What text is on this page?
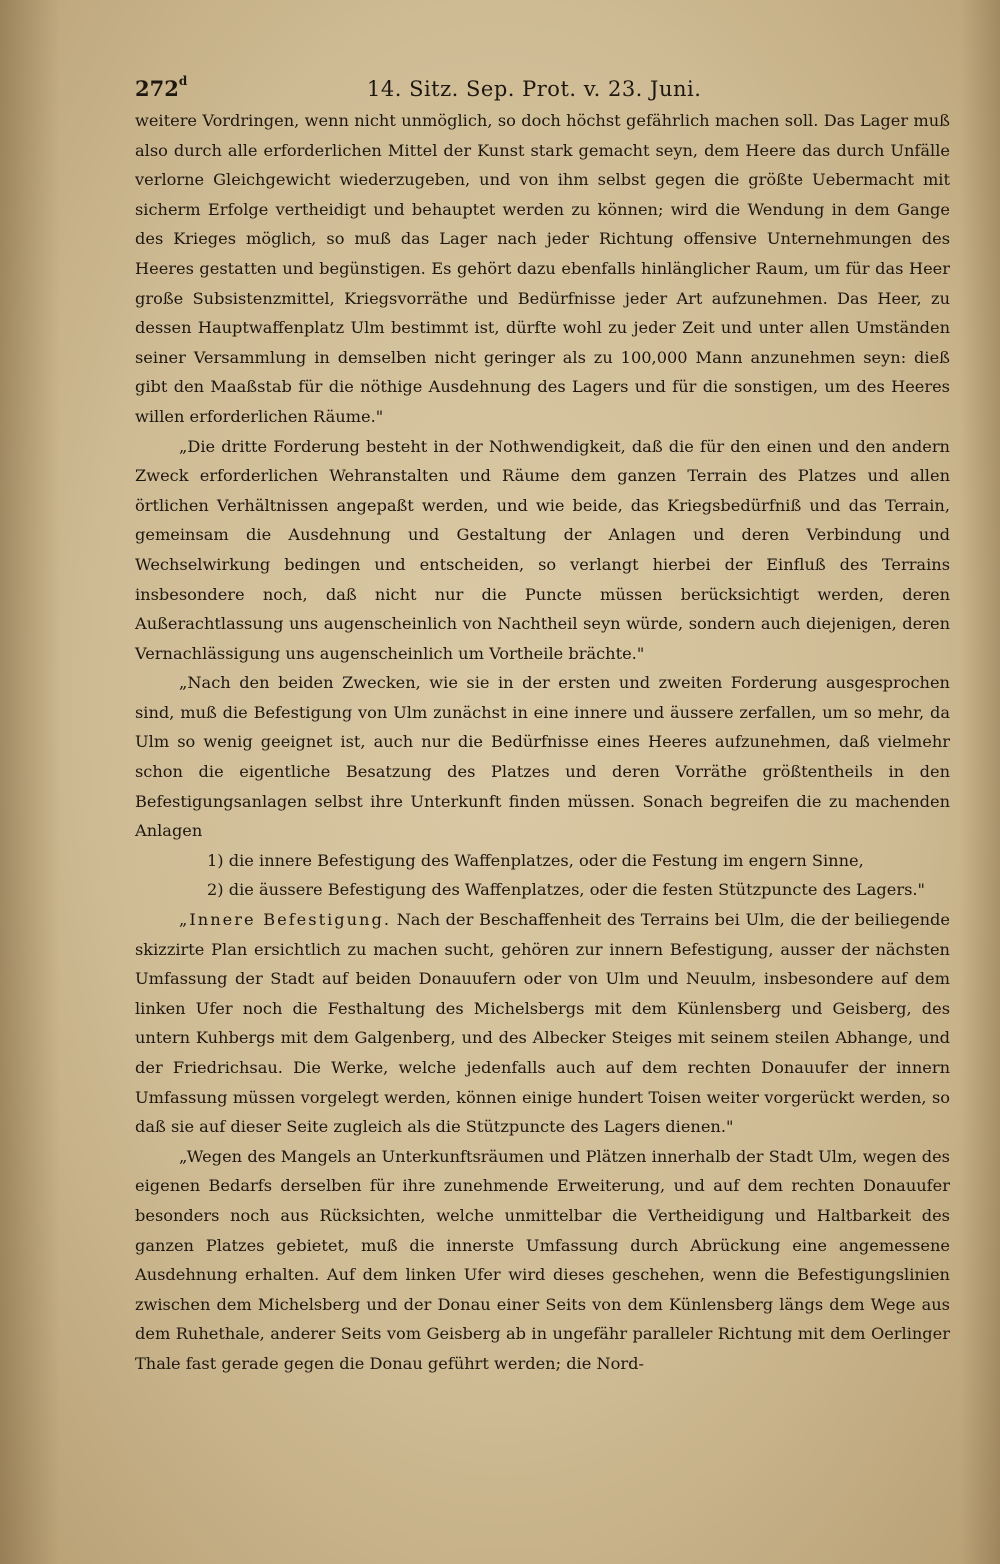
272$^d$	14. Sitz. Sep. Prot. v. 23. Juni.

weitere Vordringen, wenn nicht unmöglich, so doch höchst gefährlich machen soll. Das Lager muß also durch alle erforderlichen Mittel der Kunst stark gemacht seyn, dem Heere das durch Unfälle verlorne Gleichgewicht wiederzugeben, und von ihm selbst gegen die größte Uebermacht mit sicherm Erfolge vertheidigt und behauptet werden zu können; wird die Wendung in dem Gange des Krieges möglich, so muß das Lager nach jeder Richtung offensive Unternehmungen des Heeres gestatten und begünstigen. Es gehört dazu ebenfalls hinlänglicher Raum, um für das Heer große Subsistenzmittel, Kriegsvorräthe und Bedürfnisse jeder Art aufzunehmen. Das Heer, zu dessen Hauptwaffenplatz Ulm bestimmt ist, dürfte wohl zu jeder Zeit und unter allen Umständen seiner Versammlung in demselben nicht geringer als zu 100,000 Mann anzunehmen seyn: dieß gibt den Maaßstab für die nöthige Ausdehnung des Lagers und für die sonstigen, um des Heeres willen erforderlichen Räume."

„Die dritte Forderung besteht in der Nothwendigkeit, daß die für den einen und den andern Zweck erforderlichen Wehranstalten und Räume dem ganzen Terrain des Platzes und allen örtlichen Verhältnissen angepaßt werden, und wie beide, das Kriegsbedürfniß und das Terrain, gemeinsam die Ausdehnung und Gestaltung der Anlagen und deren Verbindung und Wechselwirkung bedingen und entscheiden, so verlangt hierbei der Einfluß des Terrains insbesondere noch, daß nicht nur die Puncte müssen berücksichtigt werden, deren Außerachtlassung uns augenscheinlich von Nachtheil seyn würde, sondern auch diejenigen, deren Vernachlässigung uns augenscheinlich um Vortheile brächte."

„Nach den beiden Zwecken, wie sie in der ersten und zweiten Forderung ausgesprochen sind, muß die Befestigung von Ulm zunächst in eine innere und äussere zerfallen, um so mehr, da Ulm so wenig geeignet ist, auch nur die Bedürfnisse eines Heeres aufzunehmen, daß vielmehr schon die eigentliche Besatzung des Platzes und deren Vorräthe größtentheils in den Befestigungsanlagen selbst ihre Unterkunft finden müssen. Sonach begreifen die zu machenden Anlagen

1) die innere Befestigung des Waffenplatzes, oder die Festung im engern Sinne,

2) die äussere Befestigung des Waffenplatzes, oder die festen Stützpuncte des Lagers."

„Innere Befestigung. Nach der Beschaffenheit des Terrains bei Ulm, die der beiliegende skizzirte Plan ersichtlich zu machen sucht, gehören zur innern Befestigung, ausser der nächsten Umfassung der Stadt auf beiden Donauufern oder von Ulm und Neuulm, insbesondere auf dem linken Ufer noch die Festhaltung des Michelsbergs mit dem Künlensberg und Geisberg, des untern Kuhbergs mit dem Galgenberg, und des Albecker Steiges mit seinem steilen Abhange, und der Friedrichsau. Die Werke, welche jedenfalls auch auf dem rechten Donauufer der innern Umfassung müssen vorgelegt werden, können einige hundert Toisen weiter vorgerückt werden, so daß sie auf dieser Seite zugleich als die Stützpuncte des Lagers dienen."

„Wegen des Mangels an Unterkunftsräumen und Plätzen innerhalb der Stadt Ulm, wegen des eigenen Bedarfs derselben für ihre zunehmende Erweiterung, und auf dem rechten Donauufer besonders noch aus Rücksichten, welche unmittelbar die Vertheidigung und Haltbarkeit des ganzen Platzes gebietet, muß die innerste Umfassung durch Abrückung eine angemessene Ausdehnung erhalten. Auf dem linken Ufer wird dieses geschehen, wenn die Befestigungslinien zwischen dem Michelsberg und der Donau einer Seits von dem Künlensberg längs dem Wege aus dem Ruhethale, anderer Seits vom Geisberg ab in ungefähr paralleler Richtung mit dem Oerlinger Thale fast gerade gegen die Donau geführt werden; die Nord-
